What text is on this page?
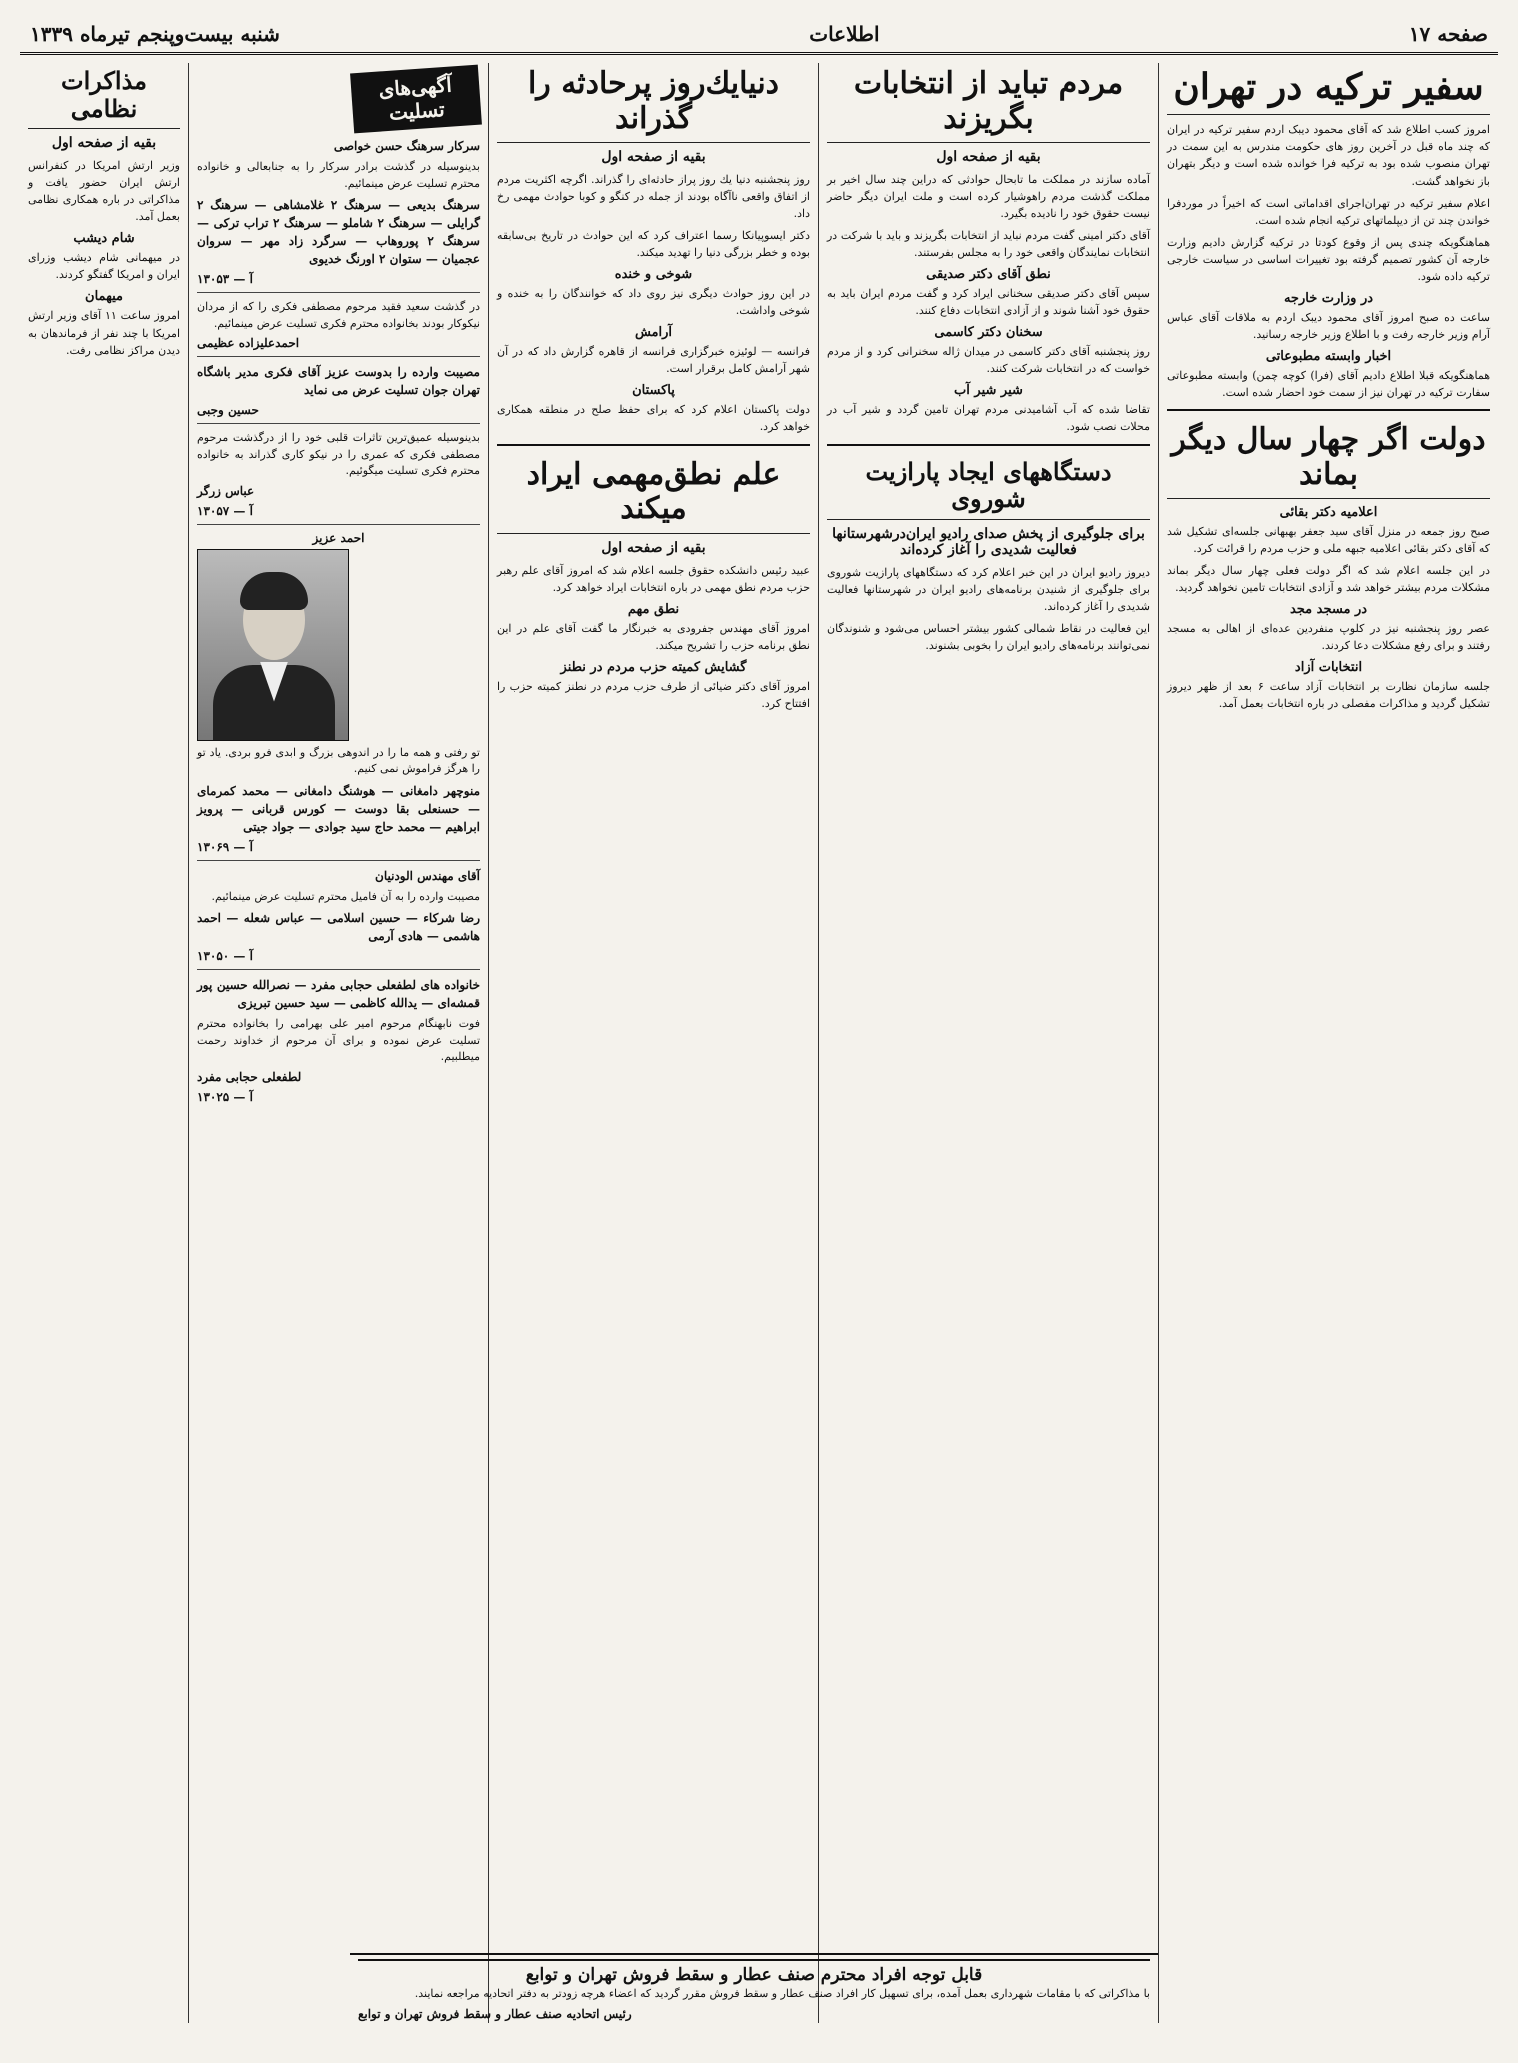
صفحه ۱۷
اطلاعات
شنبه بیست‌وپنجم تیرماه ۱۳۳۹
سفیر ترکیه در تهران

امروز کسب اطلاع شد که آقای محمود دیبک اردم سفیر ترکیه در ایران که چند ماه قبل در آخرین روز های حکومت مندرس به این سمت در تهران منصوب شده بود به ترکیه فرا خوانده شده است و دیگر بتهران باز نخواهد گشت.

اعلام سفیر ترکیه در تهران‌اجرای اقداماتی است که اخیراً در موردفرا خواندن چند تن از دیپلماتهای ترکیه انجام شده است.

هماهنگویکه چندی پس از وقوع کودتا در ترکیه گزارش دادیم وزارت خارجه آن کشور تصمیم گرفته بود تغییرات اساسی در سیاست خارجی ترکیه داده شود.

در وزارت خارجه

ساعت ده صبح امروز آقای محمود دیبک اردم به ملاقات آقای عباس آرام وزیر خارجه رفت و با اطلاع وزیر خارجه رسانید.

اخبار وابسته مطبوعاتی

هماهنگویکه قبلا اطلاع دادیم آقای (فرا) کوچه چمن) وابسته مطبوعاتی سفارت ترکیه در تهران نیز از سمت خود احضار شده است.

دولت اگر چهار سال دیگر بماند
اعلامیه دکتر بقائی

صبح روز جمعه در منزل آقای سید جعفر بهبهانی جلسه‌ای تشکیل شد که آقای دکتر بقائی اعلامیه جبهه ملی و حزب مردم را قرائت کرد.

در این جلسه اعلام شد که اگر دولت فعلی چهار سال دیگر بماند مشکلات مردم بیشتر خواهد شد و آزادی انتخابات تامین نخواهد گردید.

در مسجد مجد

عصر روز پنجشنبه نیز در کلوپ منفردین عده‌ای از اهالی به مسجد رفتند و برای رفع مشکلات دعا کردند.

انتخابات آزاد

جلسه سازمان نظارت بر انتخابات آزاد ساعت ۶ بعد از ظهر دیروز تشکیل گردید و مذاکرات مفصلی در باره انتخابات بعمل آمد.

مردم تباید از انتخابات بگریزند
بقیه از صفحه اول

آماده سازند در مملکت ما تابحال حوادثی که دراین چند سال اخیر بر مملکت گذشت مردم راهوشیار کرده است و ملت ایران دیگر حاضر نیست حقوق خود را نادیده بگیرد.

آقای دکتر امینی گفت مردم نباید از انتخابات بگریزند و باید با شرکت در انتخابات نمایندگان واقعی خود را به مجلس بفرستند.

نطق آقای دکتر صدیقی

سپس آقای دکتر صدیقی سخنانی ایراد کرد و گفت مردم ایران باید به حقوق خود آشنا شوند و از آزادی انتخابات دفاع کنند.

سخنان دکتر کاسمی

روز پنجشنبه آقای دکتر کاسمی در میدان ژاله سخنرانی کرد و از مردم خواست که در انتخابات شرکت کنند.

شیر شیر آب

تقاضا شده که آب آشامیدنی مردم تهران تامین گردد و شیر آب در محلات نصب شود.

دستگاههای ایجاد پارازیت شوروی
برای جلوگیری از پخش صدای رادیو ایران‌در‌شهرستانها فعالیت شدیدی را آغاز کرده‌اند

دیروز رادیو ایران در این خبر اعلام کرد که دستگاههای پارازیت شوروی برای جلوگیری از شنیدن برنامه‌های رادیو ایران در شهرستانها فعالیت شدیدی را آغاز کرده‌اند.

این فعالیت در نقاط شمالی کشور بیشتر احساس می‌شود و شنوندگان نمی‌توانند برنامه‌های رادیو ایران را بخوبی بشنوند.

دنیایك‌روز پرحادثه را گذراند
بقیه از صفحه اول

روز پنجشنبه دنیا یك روز پراز حادثه‌ای را گذراند. اگرچه اکثریت مردم از اتفاق واقعی ناآگاه بودند از جمله در کنگو و کوبا حوادث مهمی رخ داد.

دکتر ایسوپیانکا رسما اعتراف کرد که این حوادث در تاریخ بی‌سابقه بوده و خطر بزرگی دنیا را تهدید میکند.

شوخی و خنده

در این روز حوادث دیگری نیز روی داد که خوانندگان را به خنده و شوخی واداشت.

آرامش

فرانسه — لوئیزه خبرگزاری فرانسه از قاهره گزارش داد که در آن شهر آرامش کامل برقرار است.

پاکستان

دولت پاکستان اعلام کرد که برای حفظ صلح در منطقه همکاری خواهد کرد.

علم نطق‌مهمی ایراد میکند
بقیه از صفحه اول

عبید رئیس دانشکده حقوق جلسه اعلام شد که امروز آقای علم رهبر حزب مردم نطق مهمی در باره انتخابات ایراد خواهد کرد.

نطق مهم

امروز آقای مهندس جفرودی به خبرنگار ما گفت آقای علم در این نطق برنامه حزب را تشریح میکند.

گشایش کمیته حزب مردم در نطنز

امروز آقای دکتر ضیائی از طرف حزب مردم در نطنز کمیته حزب را افتتاح کرد.

آگهی‌های تسلیت
سرکار سرهنگ حسن خواصی
بدینوسیله در گذشت برادر سرکار را به جنابعالی و خانواده محترم تسلیت عرض مینمائیم.
سرهنگ بدیعی — سرهنگ ۲ غلامشاهی — سرهنگ ۲ گرایلی — سرهنگ ۲ شاملو — سرهنگ ۲ تراب ترکی — سرهنگ ۲ پوروهاب — سرگرد زاد مهر — سروان عجمیان — ستوان ۲ اورنگ خدیوی
آ — ۱۳۰۵۳
در گذشت سعید فقید مرحوم مصطفی فکری را که از مردان نیکوکار بودند بخانواده محترم فکری تسلیت عرض مینمائیم.
احمدعلیزاده عظیمی
مصیبت وارده را بدوست عزیز آقای فکری مدیر باشگاه تهران جوان تسلیت عرض می نماید
حسین وجبی
بدینوسیله عمیق‌ترین تاثرات قلبی خود را از درگذشت مرحوم مصطفی فکری که عمری را در نیکو کاری گذراند به خانواده محترم فکری تسلیت میگوئیم.
عباس زرگر
آ — ۱۳۰۵۷
احمد عزیز
تو رفتی و همه ما را در اندوهی بزرگ و ابدی فرو بردی. یاد تو را هرگز فراموش نمی کنیم.
منوچهر دامغانی — هوشنگ دامغانی — محمد کمرمای — حسنعلی بقا دوست — کورس قربانی — پرویز ابراهیم — محمد حاج سید جوادی — جواد جیتی
آ — ۱۳۰۶۹
آقای مهندس الودنیان
مصیبت وارده را به آن فامیل محترم تسلیت عرض مینمائیم.
رضا شرکاء — حسین اسلامی — عباس شعله — احمد هاشمی — هادی آرمی
آ — ۱۳۰۵۰
خانواده های لطفعلی حجابی مفرد — نصرالله حسین پور قمشه‌ای — یدالله کاظمی — سید حسین تبریزی
فوت نابهنگام مرحوم امیر علی بهرامی را بخانواده محترم تسلیت عرض نموده و برای آن مرحوم از خداوند رحمت میطلبیم.
لطفعلی حجابی مفرد
آ — ۱۳۰۲۵
مذاکرات نظامی
بقیه از صفحه اول

وزیر ارتش امریکا در کنفرانس ارتش ایران حضور یافت و مذاکراتی در باره همکاری نظامی بعمل آمد.

شام دیشب

در میهمانی شام دیشب وزرای ایران و امریکا گفتگو کردند.

میهمان

امروز ساعت ۱۱ آقای وزیر ارتش امریکا با چند نفر از فرماندهان به دیدن مراکز نظامی رفت.

قابل توجه افراد محترم صنف عطار و سقط فروش تهران و توابع

با مذاکراتی که با مقامات شهرداری بعمل آمده، برای تسهیل کار افراد صنف عطار و سقط فروش مقرر گردید که اعضاء هرچه زودتر به دفتر اتحادیه مراجعه نمایند.

رئیس اتحادیه صنف عطار و سقط فروش تهران و توابع
